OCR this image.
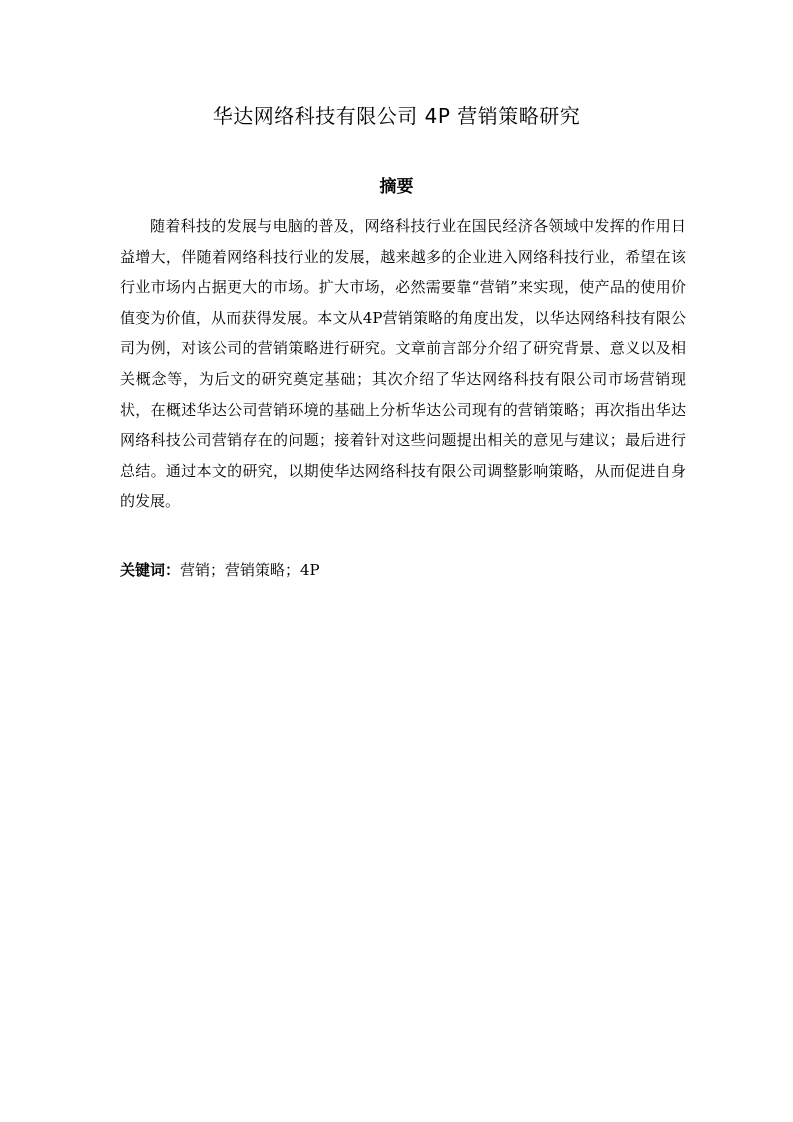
华达网络科技有限公司 4P 营销策略研究
摘要

随着科技的发展与电脑的普及，网络科技行业在国民经济各领域中发挥的作用日益增大，伴随着网络科技行业的发展，越来越多的企业进入网络科技行业，希望在该行业市场内占据更大的市场。扩大市场，必然需要靠“营销”来实现，使产品的使用价值变为价值，从而获得发展。本文从4P营销策略的角度出发，以华达网络科技有限公司为例，对该公司的营销策略进行研究。文章前言部分介绍了研究背景、意义以及相关概念等，为后文的研究奠定基础；其次介绍了华达网络科技有限公司市场营销现状，在概述华达公司营销环境的基础上分析华达公司现有的营销策略；再次指出华达网络科技公司营销存在的问题；接着针对这些问题提出相关的意见与建议；最后进行总结。通过本文的研究，以期使华达网络科技有限公司调整影响策略，从而促进自身的发展。

关键词：营销；营销策略；4P
